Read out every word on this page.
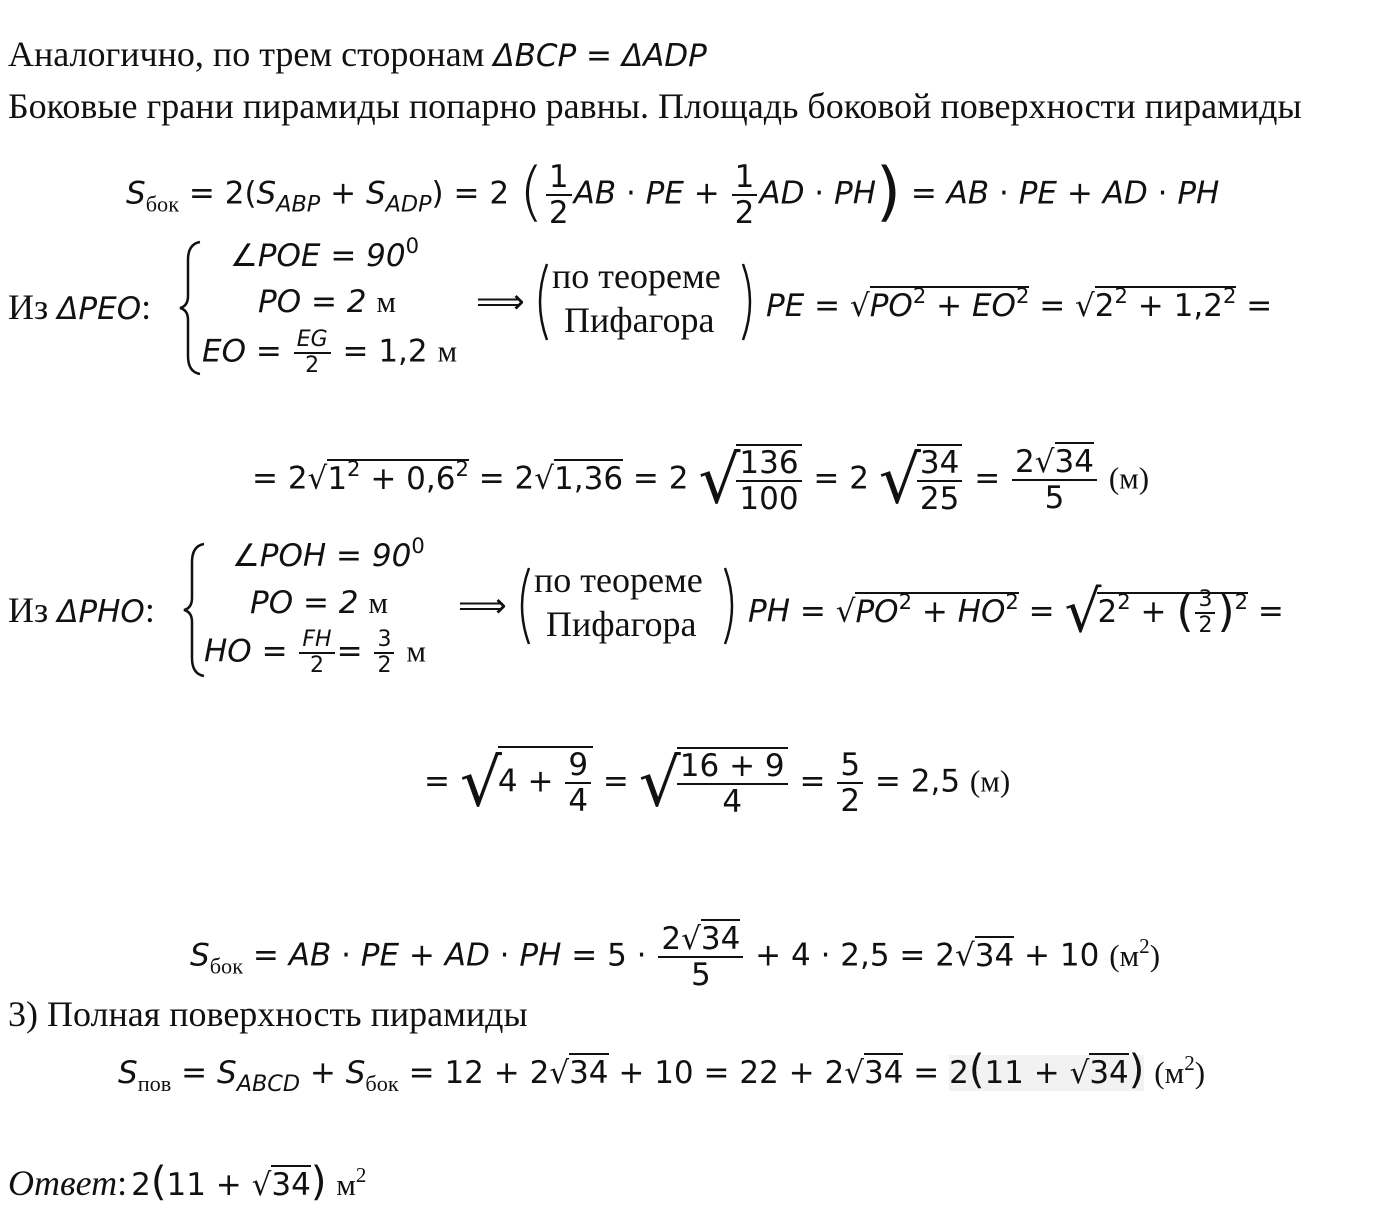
Аналогично, по трем сторонам ΔBCP = ΔADP
Боковые грани пирамиды попарно равны. Площадь боковой поверхности пирамиды
$S_{бок} = 2(S_{ABP} + S_{ADP}) = 2$ ( $\frac{1}{2}$ AB · PE + $\frac{1}{2}$ AD · PH) = AB · PE + AD · PH
Из ΔPEO:
∠POE = $90^0$
PO = 2 м
EO = $\frac{EG}{2} = 1,2$ м
⟹
по теореме
Пифагора PE = $√PO^2 + EO^2 = √2^2 + 1,2^2$ =
= $2√1^2 + 0,6^2 = 2√1,36 = 2$ √
$\frac{136}{100} = 2$ √
$\frac{34}{25} = \frac{2√34}{5} (м)$
Из ΔPHO:
∠POH = $90^0$
PO = 2 м
HO = $\frac{FH}{2} = \frac{3}{2}$ м
⟹
по теореме
Пифагора PH = $√PO^2 + HO^2 = √2^2$ + ( $\frac{3}{2} )^2$ =
= $√4 + \frac{9}{4}$ = √
$\frac{16 + 9}{4} = \frac{5}{2} = 2,5$ (м)
$S_{бок}$ = AB · PE + AD · PH = $5 \cdot \frac{2√34}{5} + 4 \cdot 2,5 = 2√34 + 10$ $(м^2)$
3) Полная поверхность пирамиды
$S_{пов} = S_{ABCD} + S_{бок} = 12 + 2√34 + 10 = 22 + 2√34 = 2(11 + √34)$ $(м^2)$
Ответ: 2(11 + √34) $м^2$
